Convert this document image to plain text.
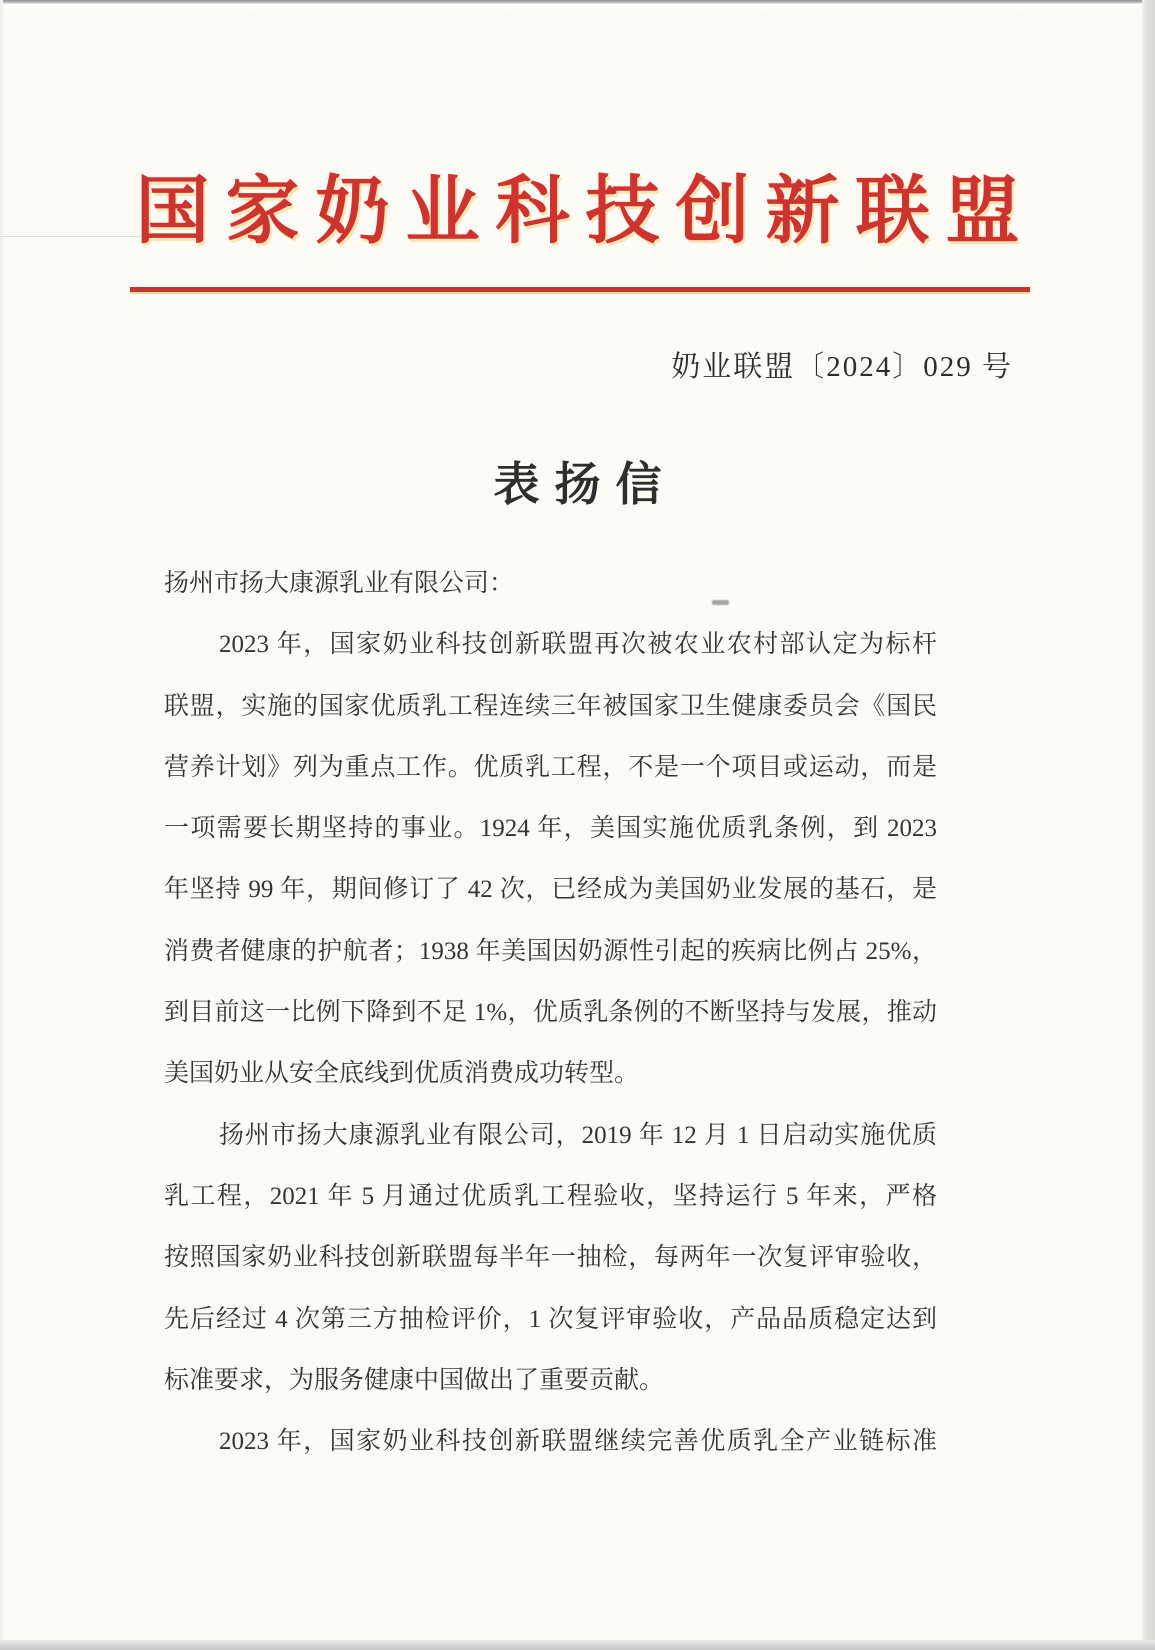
国家奶业科技创新联盟
奶业联盟〔2024〕029 号
表扬信
扬州市扬大康源乳业有限公司：
2023 年，国家奶业科技创新联盟再次被农业农村部认定为标杆
联盟，实施的国家优质乳工程连续三年被国家卫生健康委员会《国民
营养计划》列为重点工作。优质乳工程，不是一个项目或运动，而是
一项需要长期坚持的事业。1924 年，美国实施优质乳条例，到 2023
年坚持 99 年，期间修订了 42 次，已经成为美国奶业发展的基石，是
消费者健康的护航者；1938 年美国因奶源性引起的疾病比例占 25%，
到目前这一比例下降到不足 1%，优质乳条例的不断坚持与发展，推动
美国奶业从安全底线到优质消费成功转型。
扬州市扬大康源乳业有限公司，2019 年 12 月 1 日启动实施优质
乳工程，2021 年 5 月通过优质乳工程验收，坚持运行 5 年来，严格
按照国家奶业科技创新联盟每半年一抽检，每两年一次复评审验收，
先后经过 4 次第三方抽检评价，1 次复评审验收，产品品质稳定达到
标准要求，为服务健康中国做出了重要贡献。
2023 年，国家奶业科技创新联盟继续完善优质乳全产业链标准
